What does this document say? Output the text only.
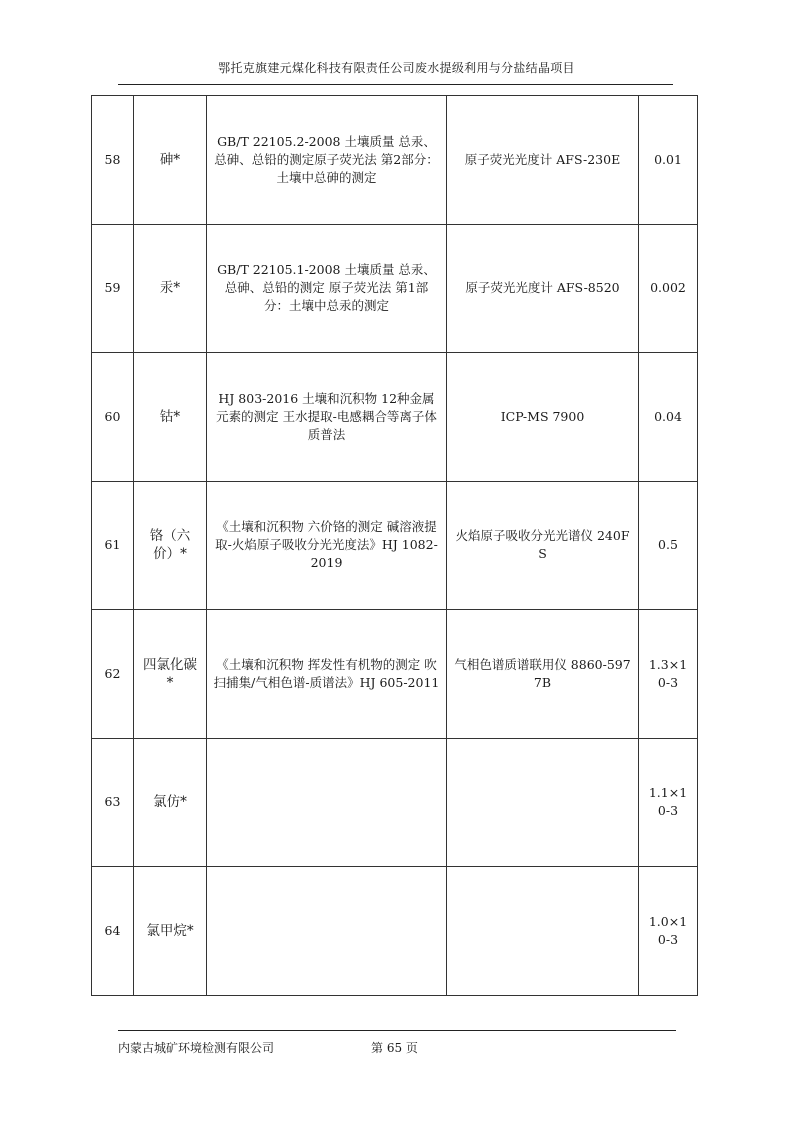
鄂托克旗建元煤化科技有限责任公司废水提级利用与分盐结晶项目
58	砷*	GB/T 22105.2-2008 土壤质量 总汞、总砷、总铅的测定原子荧光法 第2部分：土壤中总砷的测定	原子荧光光度计 AFS-230E	0.01
59	汞*	GB/T 22105.1-2008 土壤质量 总汞、总砷、总铅的测定 原子荧光法 第1部分：土壤中总汞的测定	原子荧光光度计 AFS-8520	0.002
60	钴*	HJ 803-2016 土壤和沉积物 12种金属元素的测定 王水提取-电感耦合等离子体质普法	ICP-MS 7900	0.04
61	铬（六价）*	《土壤和沉积物 六价铬的测定 碱溶液提取-火焰原子吸收分光光度法》HJ 1082-2019	火焰原子吸收分光光谱仪 240FS	0.5
62	四氯化碳*	《土壤和沉积物 挥发性有机物的测定 吹扫捕集/气相色谱-质谱法》HJ 605-2011	气相色谱质谱联用仪 8860-5977B	1.3×10-3
63	氯仿*			1.1×10-3
64	氯甲烷*			1.0×10-3
内蒙古城矿环境检测有限公司	第 65 页
